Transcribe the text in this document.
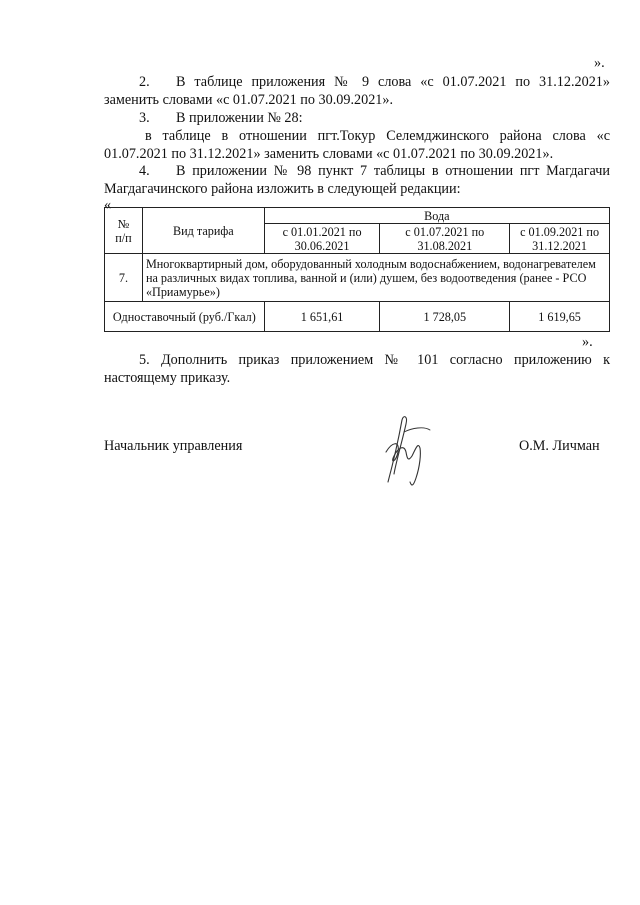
».
2. В таблице приложения № 9 слова «с 01.07.2021 по 31.12.2021»
заменить словами «с 01.07.2021 по 30.09.2021».
3. В приложении № 28:
в таблице в отношении пгт.Токур Селемджинского района слова «с
01.07.2021 по 31.12.2021» заменить словами «с 01.07.2021 по 30.09.2021».
4. В приложении № 98 пункт 7 таблицы в отношении пгт Магдагачи
Магдагачинского района изложить в следующей редакции:
«
№
п/п	Вид тарифа	Вода		
		с 01.01.2021 по 30.06.2021	с 01.07.2021 по 31.08.2021	с 01.09.2021 по 31.12.2021
7.	Многоквартирный дом, оборудованный холодным водоснабжением, водонагревателем на различных видах топлива, ванной и (или) душем, без водоотведения (ранее - РСО «Приамурье»)			
Одноставочный (руб./Гкал)		1 651,61	1 728,05	1 619,65
».
5. Дополнить приказ приложением № 101 согласно приложению к
настоящему приказу.
Начальник управления	О.М. Личман
